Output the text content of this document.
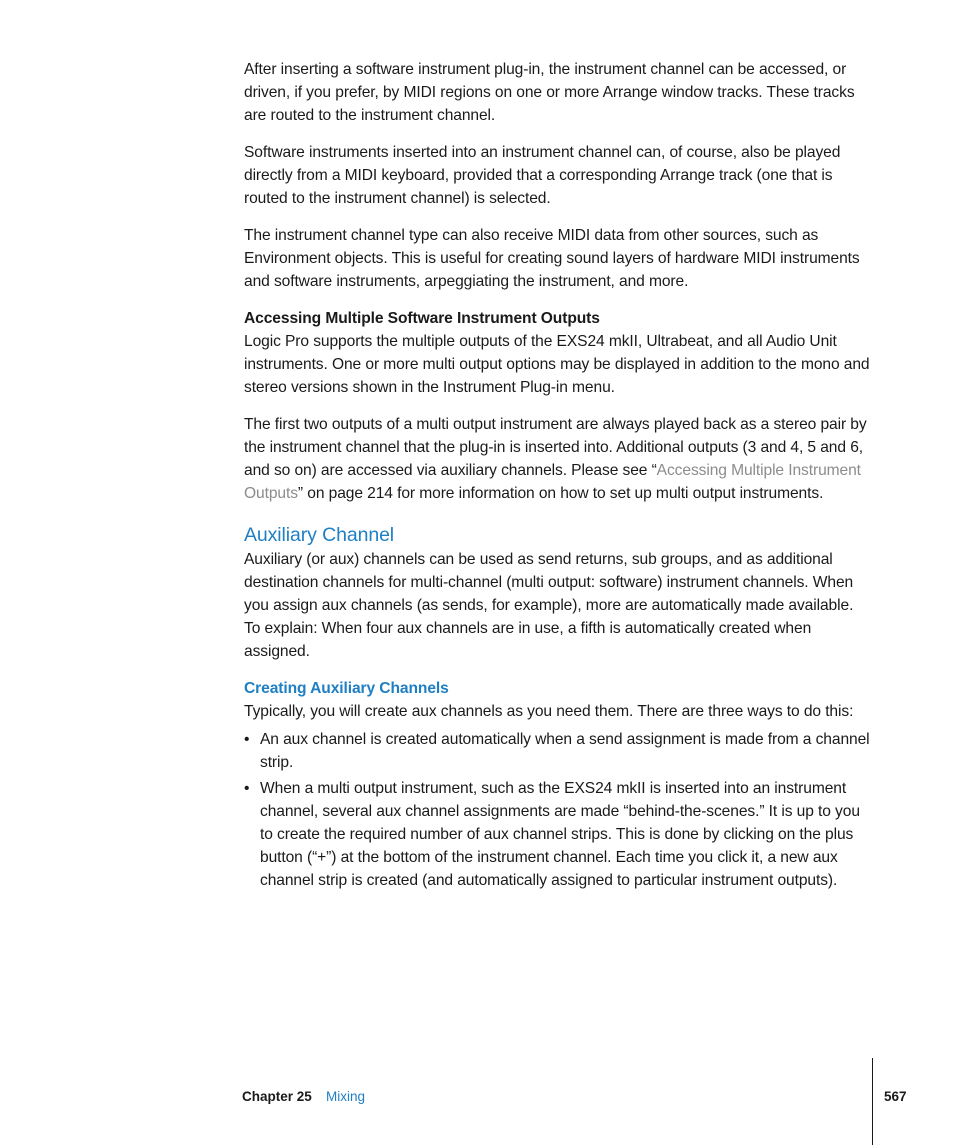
After inserting a software instrument plug-in, the instrument channel can be accessed, or driven, if you prefer, by MIDI regions on one or more Arrange window tracks. These tracks are routed to the instrument channel.

Software instruments inserted into an instrument channel can, of course, also be played directly from a MIDI keyboard, provided that a corresponding Arrange track (one that is routed to the instrument channel) is selected.

The instrument channel type can also receive MIDI data from other sources, such as Environment objects. This is useful for creating sound layers of hardware MIDI instruments and software instruments, arpeggiating the instrument, and more.

Accessing Multiple Software Instrument Outputs

Logic Pro supports the multiple outputs of the EXS24 mkII, Ultrabeat, and all Audio Unit instruments. One or more multi output options may be displayed in addition to the mono and stereo versions shown in the Instrument Plug-in menu.

The first two outputs of a multi output instrument are always played back as a stereo pair by the instrument channel that the plug-in is inserted into. Additional outputs (3 and 4, 5 and 6, and so on) are accessed via auxiliary channels. Please see “Accessing Multiple Instrument Outputs” on page 214 for more information on how to set up multi output instruments.

Auxiliary Channel

Auxiliary (or aux) channels can be used as send returns, sub groups, and as additional destination channels for multi-channel (multi output: software) instrument channels. When you assign aux channels (as sends, for example), more are automatically made available. To explain: When four aux channels are in use, a fifth is automatically created when assigned.

Creating Auxiliary Channels

Typically, you will create aux channels as you need them. There are three ways to do this:

• An aux channel is created automatically when a send assignment is made from a channel strip.
• When a multi output instrument, such as the EXS24 mkII is inserted into an instrument channel, several aux channel assignments are made “behind-the-scenes.” It is up to you to create the required number of aux channel strips. This is done by clicking on the plus button (“+”) at the bottom of the instrument channel. Each time you click it, a new aux channel strip is created (and automatically assigned to particular instrument outputs).
Chapter 25 Mixing	567
